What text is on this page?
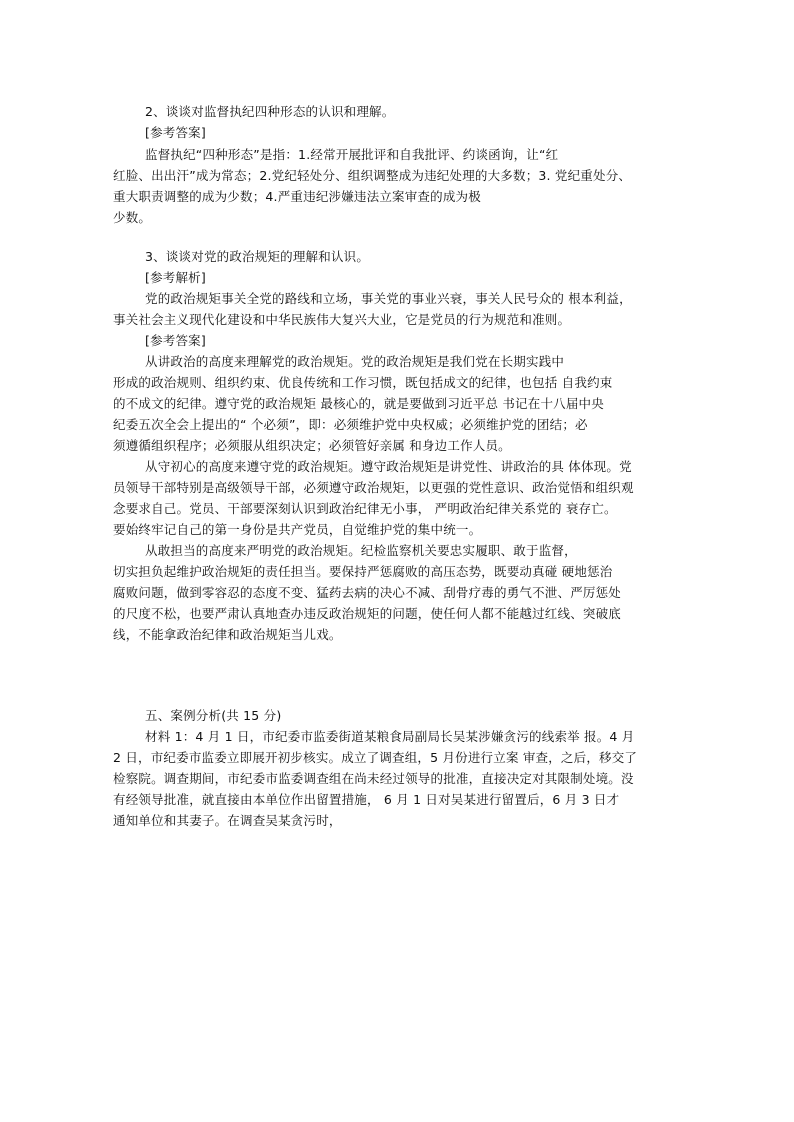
2、谈谈对监督执纪四种形态的认识和理解。
[参考答案]
监督执纪“四种形态”是指：1.经常开展批评和自我批评、约谈函询，让“红
红脸、出出汗”成为常态；2.党纪轻处分、组织调整成为违纪处理的大多数；3. 党纪重处分、
重大职责调整的成为少数；4.严重违纪涉嫌违法立案审查的成为极
少数。
3、谈谈对党的政治规矩的理解和认识。
[参考解析]
党的政治规矩事关全党的路线和立场，事关党的事业兴衰，事关人民号众的 根本利益，
事关社会主义现代化建设和中华民族伟大复兴大业，它是党员的行为规范和准则。
[参考答案]
从讲政治的高度来理解党的政治规矩。党的政治规矩是我们党在长期实践中
形成的政治规则、组织约束、优良传统和工作习惯，既包括成文的纪律，也包括 自我约束
的不成文的纪律。遵守党的政治规矩 最核心的，就是要做到习近平总 书记在十八届中央
纪委五次全会上提出的“ 个必须”，即：必须维护党中央权威；必须维护党的团结；必
须遵循组织程序；必须服从组织决定；必须管好亲属 和身边工作人员。
从守初心的高度来遵守党的政治规矩。遵守政治规矩是讲党性、讲政治的具 体体现。党
员领导干部特别是高级领导干部，必须遵守政治规矩，以更强的党性意识、政治觉悟和组织观
念要求自己。党员、干部要深刻认识到政治纪律无小事， 严明政治纪律关系党的 衰存亡。
要始终牢记自己的第一身份是共产党员，自觉维护党的集中统一。
从敢担当的高度来严明党的政治规矩。纪检监察机关要忠实履职、敢于监督，
切实担负起维护政治规矩的责任担当。要保持严惩腐败的高压态势，既要动真碰 硬地惩治
腐败问题，做到零容忍的态度不变、猛药去病的决心不减、刮骨疗毒的勇气不泄、严厉惩处
的尺度不松，也要严肃认真地查办违反政治规矩的问题，使任何人都不能越过红线、突破底
线，不能拿政治纪律和政治规矩当儿戏。
五、案例分析(共 15 分)
材料 1：4 月 1 日，市纪委市监委街道某粮食局副局长吴某涉嫌贪污的线索举 报。4 月
2 日，市纪委市监委立即展开初步核实。成立了调查组，5 月份进行立案 审查，之后，移交了
检察院。调查期间，市纪委市监委调查组在尚未经过领导的批准，直接决定对其限制处境。没
有经领导批准，就直接由本单位作出留置措施， 6 月 1 日对吴某进行留置后，6 月 3 日才
通知单位和其妻子。在调查吴某贪污时，
